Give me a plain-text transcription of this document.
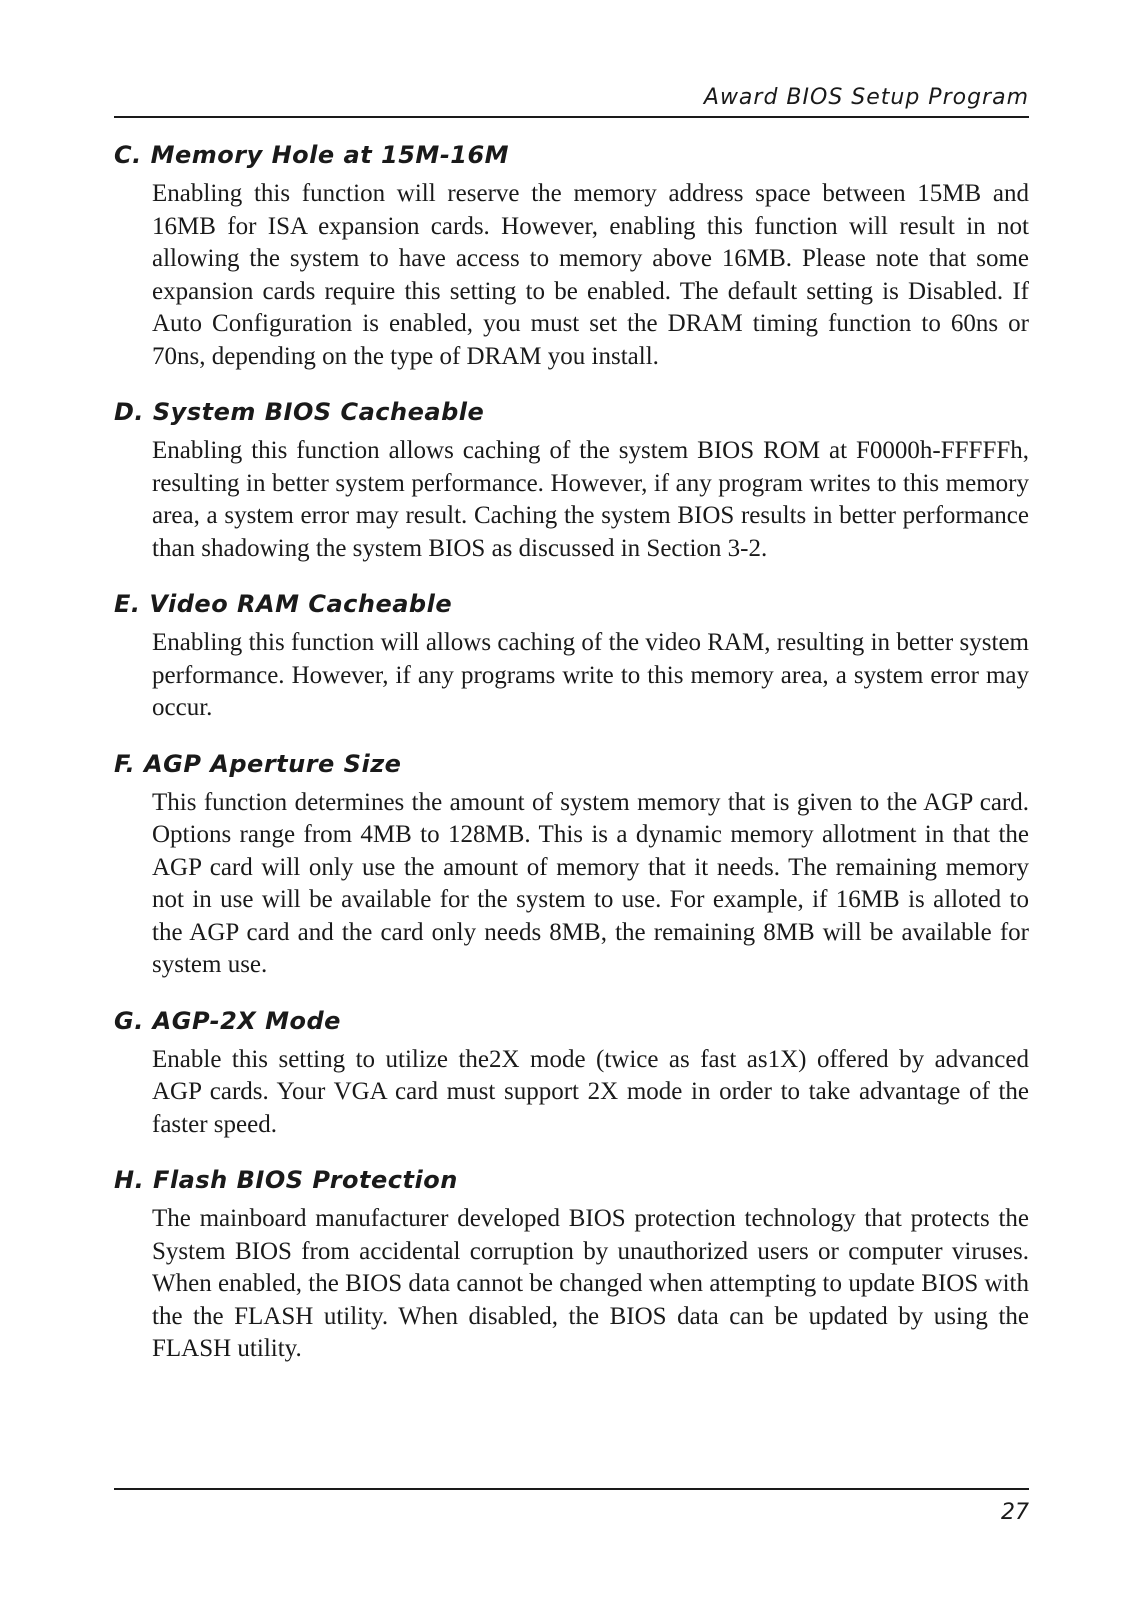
Award BIOS Setup Program
C. Memory Hole at 15M-16M

Enabling this function will reserve the memory address space between 15MB and 16MB for ISA expansion cards. However, enabling this function will result in not allowing the system to have access to memory above 16MB. Please note that some expansion cards require this setting to be enabled. The default setting is Disabled. If Auto Configuration is enabled, you must set the DRAM timing function to 60ns or 70ns, depending on the type of DRAM you install.

D. System BIOS Cacheable

Enabling this function allows caching of the system BIOS ROM at F0000h-FFFFFh, resulting in better system performance. However, if any program writes to this memory area, a system error may result. Caching the system BIOS results in better performance than shadowing the system BIOS as discussed in Section 3-2.

E. Video RAM Cacheable

Enabling this function will allows caching of the video RAM, resulting in better system performance. However, if any programs write to this memory area, a system error may occur.

F. AGP Aperture Size

This function determines the amount of system memory that is given to the AGP card. Options range from 4MB to 128MB. This is a dynamic memory allotment in that the AGP card will only use the amount of memory that it needs. The remaining memory not in use will be available for the system to use. For example, if 16MB is alloted to the AGP card and the card only needs 8MB, the remaining 8MB will be available for system use.

G. AGP-2X Mode

Enable this setting to utilize the2X mode (twice as fast as1X) offered by advanced AGP cards. Your VGA card must support 2X mode in order to take advantage of the faster speed.

H. Flash BIOS Protection

The mainboard manufacturer developed BIOS protection technology that protects the System BIOS from accidental corruption by unauthorized users or computer viruses. When enabled, the BIOS data cannot be changed when attempting to update BIOS with the the FLASH utility. When disabled, the BIOS data can be updated by using the FLASH utility.

27
